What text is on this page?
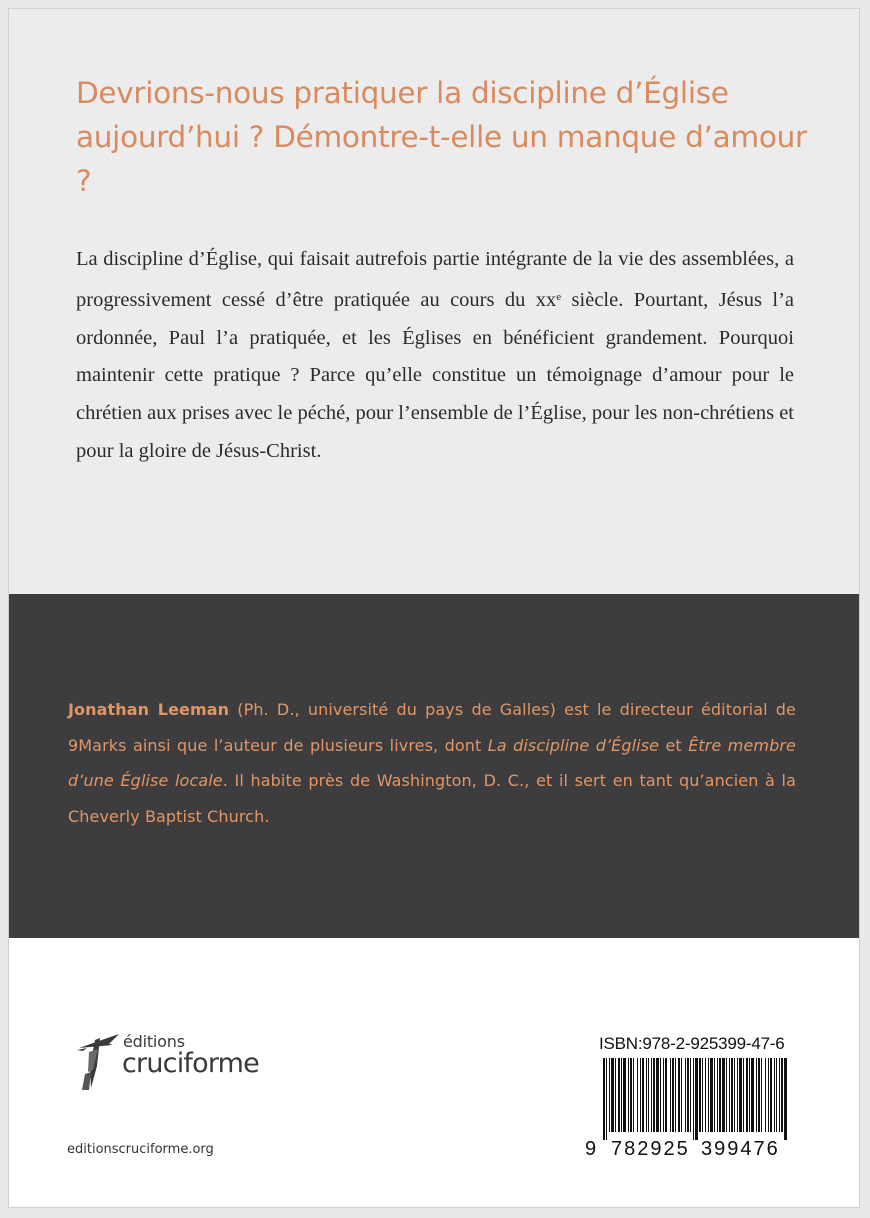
Devrions-nous pratiquer la discipline d’Église aujourd’hui ? Démontre-t-elle un manque d’amour ?

La discipline d’Église, qui faisait autrefois partie intégrante de la vie des assemblées, a progressivement cessé d’être pratiquée au cours du $xx^e$ siècle. Pourtant, Jésus l’a ordonnée, Paul l’a pratiquée, et les Églises en bénéficient grandement. Pourquoi maintenir cette pratique ? Parce qu’elle constitue un témoignage d’amour pour le chrétien aux prises avec le péché, pour l’ensemble de l’Église, pour les non-chrétiens et pour la gloire de Jésus-Christ.

Jonathan Leeman (Ph. D., université du pays de Galles) est le directeur éditorial de 9Marks ainsi que l’auteur de plusieurs livres, dont La discipline d’Église et Être membre d’une Église locale. Il habite près de Washington, D. C., et il sert en tant qu’ancien à la Cheverly Baptist Church.

éditions
cruciforme
editionscruciforme.org
ISBN:978-2-925399-47-6
9 782925 399476
